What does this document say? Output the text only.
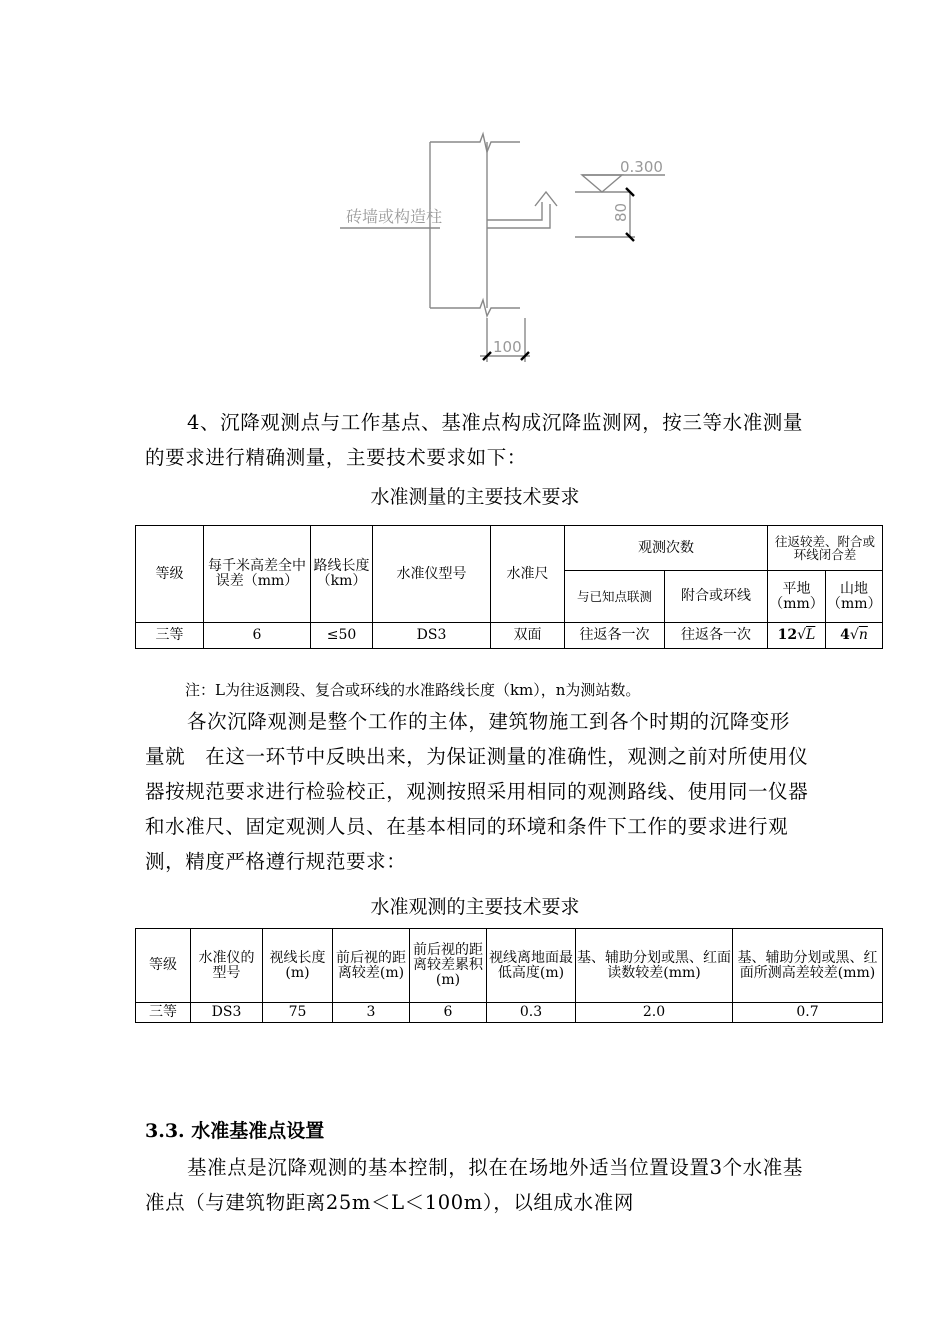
砖墙或构造柱
0.300
80
100
4、沉降观测点与工作基点、基准点构成沉降监测网，按三等水准测量的要求进行精确测量，主要技术要求如下：
水准测量的主要技术要求
等级	每千米高差全中误差（mm）	路线长度（km）	水准仪型号	水准尺	观测次数		往返较差、附合或环线闭合差	
					与已知点联测	附合或环线	平地（mm）	山地（mm）
三等	6	≤50	DS3	双面	往返各一次	往返各一次	12√L	4√n
注：L为往返测段、复合或环线的水准路线长度（km），n为测站数。
各次沉降观测是整个工作的主体，建筑物施工到各个时期的沉降变形量就　在这一环节中反映出来，为保证测量的准确性，观测之前对所使用仪器按规范要求进行检验校正，观测按照采用相同的观测路线、使用同一仪器和水准尺、固定观测人员、在基本相同的环境和条件下工作的要求进行观测，精度严格遵行规范要求：
水准观测的主要技术要求
等级	水准仪的型号	视线长度(m)	前后视的距离较差(m)	前后视的距离较差累积 (m)	视线离地面最低高度(m)	基、辅助分划或黑、红面读数较差(mm)	基、辅助分划或黑、红面所测高差较差(mm)
三等	DS3	75	3	6	0.3	2.0	0.7
3.3. 水准基准点设置
基准点是沉降观测的基本控制，拟在在场地外适当位置设置3个水准基准点（与建筑物距离25m＜L＜100m），以组成水准网
